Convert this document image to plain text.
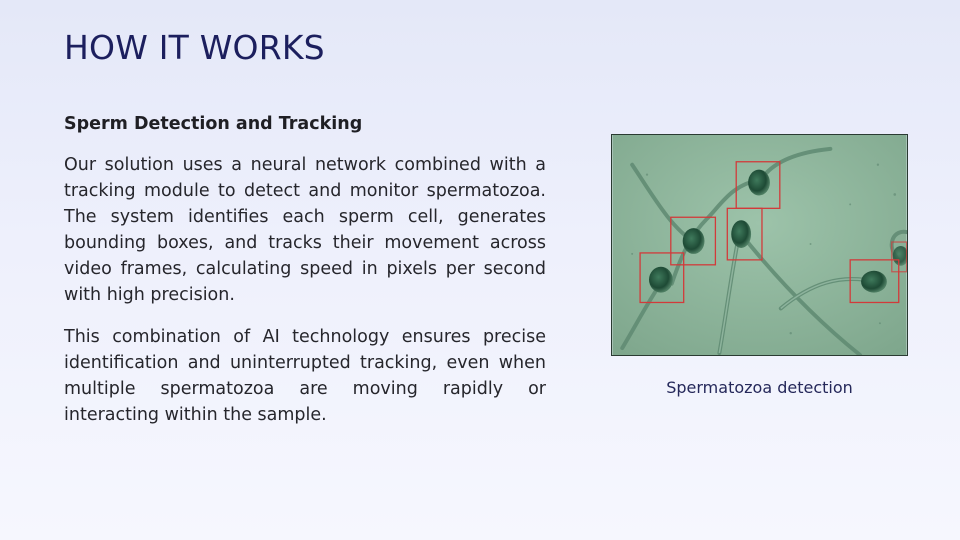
HOW IT WORKS
Sperm Detection and Tracking

Our solution uses a neural network combined with a tracking module to detect and monitor spermatozoa. The system identifies each sperm cell, generates bounding boxes, and tracks their movement across video frames, calculating speed in pixels per second with high precision.

This combination of AI technology ensures precise identification and uninterrupted tracking, even when multiple spermatozoa are moving rapidly or interacting within the sample.

Spermatozoa detection
